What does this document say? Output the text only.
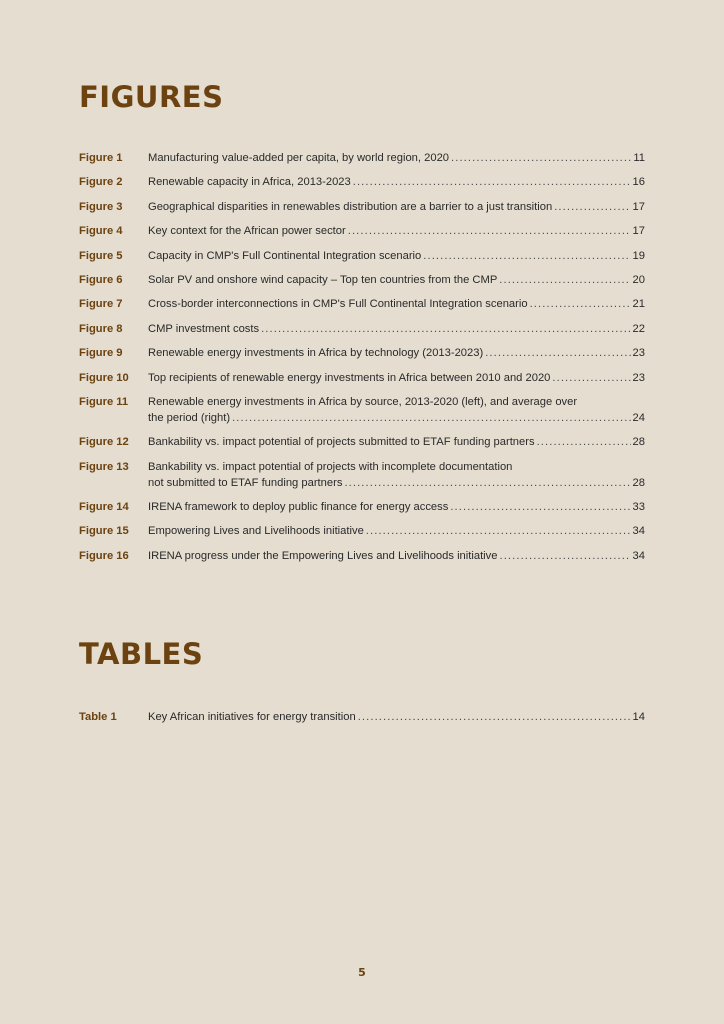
FIGURES
Figure 1	Manufacturing value-added per capita, by world region, 2020 . . .	11
Figure 2	Renewable capacity in Africa, 2013-2023 . . .	16
Figure 3	Geographical disparities in renewables distribution are a barrier to a just transition . . .	17
Figure 4	Key context for the African power sector . . .	17
Figure 5	Capacity in CMP's Full Continental Integration scenario . . .	19
Figure 6	Solar PV and onshore wind capacity – Top ten countries from the CMP . . .	20
Figure 7	Cross-border interconnections in CMP's Full Continental Integration scenario . . .	21
Figure 8	CMP investment costs . . .	22
Figure 9	Renewable energy investments in Africa by technology (2013-2023) . . .	23
Figure 10	Top recipients of renewable energy investments in Africa between 2010 and 2020 . . .	23
Figure 11	Renewable energy investments in Africa by source, 2013-2020 (left), and average over
the period (right) . . .	24
Figure 12	Bankability vs. impact potential of projects submitted to ETAF funding partners . . .	28
Figure 13	Bankability vs. impact potential of projects with incomplete documentation
not submitted to ETAF funding partners . . .	28
Figure 14	IRENA framework to deploy public finance for energy access . . .	33
Figure 15	Empowering Lives and Livelihoods initiative . . .	34
Figure 16	IRENA progress under the Empowering Lives and Livelihoods initiative . . .	34
TABLES
Table 1	Key African initiatives for energy transition . . .	14
5
